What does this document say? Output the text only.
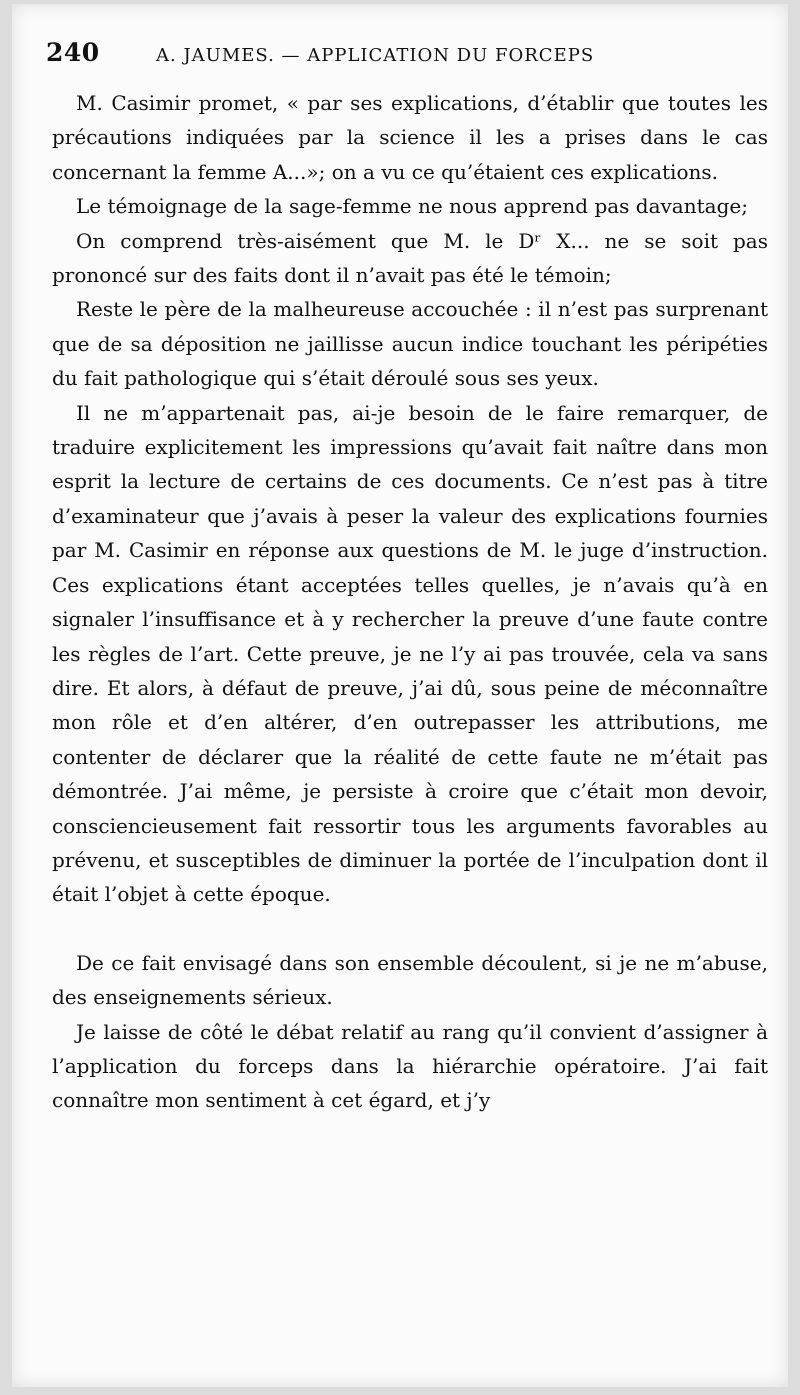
240	A. JAUMES. — APPLICATION DU FORCEPS

M. Casimir promet, « par ses explications, d’établir que toutes les précautions indiquées par la science il les a prises dans le cas concernant la femme A...»; on a vu ce qu’étaient ces explications.

Le témoignage de la sage-femme ne nous apprend pas davantage;

On comprend très-aisément que M. le Dʳ X... ne se soit pas prononcé sur des faits dont il n’avait pas été le témoin;

Reste le père de la malheureuse accouchée : il n’est pas surprenant que de sa déposition ne jaillisse aucun indice touchant les péripéties du fait pathologique qui s’était déroulé sous ses yeux.

Il ne m’appartenait pas, ai-je besoin de le faire remarquer, de traduire explicitement les impressions qu’avait fait naître dans mon esprit la lecture de certains de ces documents. Ce n’est pas à titre d’examinateur que j’avais à peser la valeur des explications fournies par M. Casimir en réponse aux questions de M. le juge d’instruction. Ces explications étant acceptées telles quelles, je n’avais qu’à en signaler l’insuffisance et à y rechercher la preuve d’une faute contre les règles de l’art. Cette preuve, je ne l’y ai pas trouvée, cela va sans dire. Et alors, à défaut de preuve, j’ai dû, sous peine de méconnaître mon rôle et d’en altérer, d’en outrepasser les attributions, me contenter de déclarer que la réalité de cette faute ne m’était pas démontrée. J’ai même, je persiste à croire que c’était mon devoir, consciencieusement fait ressortir tous les arguments favorables au prévenu, et susceptibles de diminuer la portée de l’inculpation dont il était l’objet à cette époque.

De ce fait envisagé dans son ensemble découlent, si je ne m’abuse, des enseignements sérieux.

Je laisse de côté le débat relatif au rang qu’il convient d’assigner à l’application du forceps dans la hiérarchie opératoire. J’ai fait connaître mon sentiment à cet égard, et j’y
